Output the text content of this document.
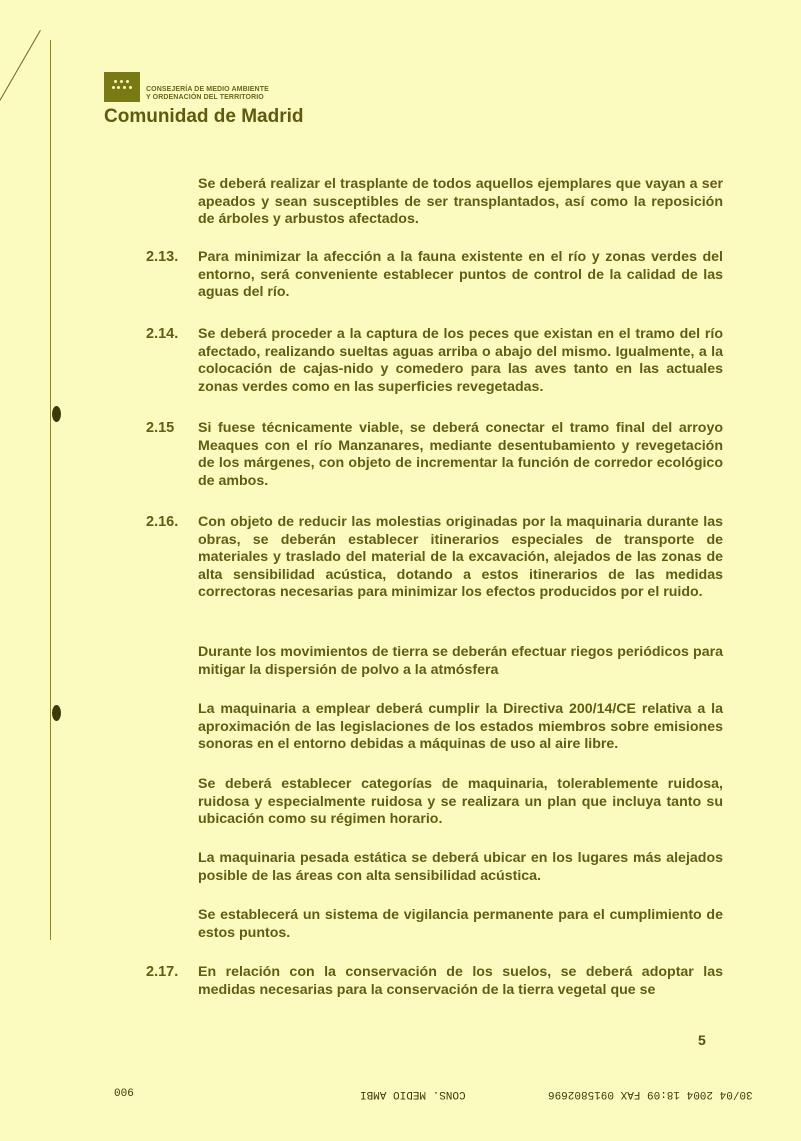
CONSEJERÍA DE MEDIO AMBIENTE
Y ORDENACIÓN DEL TERRITORIO
Comunidad de Madrid
Se deberá realizar el trasplante de todos aquellos ejemplares que vayan a ser apeados y sean susceptibles de ser transplantados, así como la reposición de árboles y arbustos afectados.
2.13. Para minimizar la afección a la fauna existente en el río y zonas verdes del entorno, será conveniente establecer puntos de control de la calidad de las aguas del río.
2.14. Se deberá proceder a la captura de los peces que existan en el tramo del río afectado, realizando sueltas aguas arriba o abajo del mismo. Igualmente, a la colocación de cajas-nido y comedero para las aves tanto en las actuales zonas verdes como en las superficies revegetadas.
2.15 Si fuese técnicamente viable, se deberá conectar el tramo final del arroyo Meaques con el río Manzanares, mediante desentubamiento y revegetación de los márgenes, con objeto de incrementar la función de corredor ecológico de ambos.
2.16. Con objeto de reducir las molestias originadas por la maquinaria durante las obras, se deberán establecer itinerarios especiales de transporte de materiales y traslado del material de la excavación, alejados de las zonas de alta sensibilidad acústica, dotando a estos itinerarios de las medidas correctoras necesarias para minimizar los efectos producidos por el ruido.
Durante los movimientos de tierra se deberán efectuar riegos periódicos para mitigar la dispersión de polvo a la atmósfera
La maquinaria a emplear deberá cumplir la Directiva 200/14/CE relativa a la aproximación de las legislaciones de los estados miembros sobre emisiones sonoras en el entorno debidas a máquinas de uso al aire libre.
Se deberá establecer categorías de maquinaria, tolerablemente ruidosa, ruidosa y especialmente ruidosa y se realizara un plan que incluya tanto su ubicación como su régimen horario.
La maquinaria pesada estática se deberá ubicar en los lugares más alejados posible de las áreas con alta sensibilidad acústica.
Se establecerá un sistema de vigilancia permanente para el cumplimiento de estos puntos.
2.17. En relación con la conservación de los suelos, se deberá adoptar las medidas necesarias para la conservación de la tierra vegetal que se
5
30/04 2004 18:09 FAX 0915802696
CONS. MEDIO AMBI
006
